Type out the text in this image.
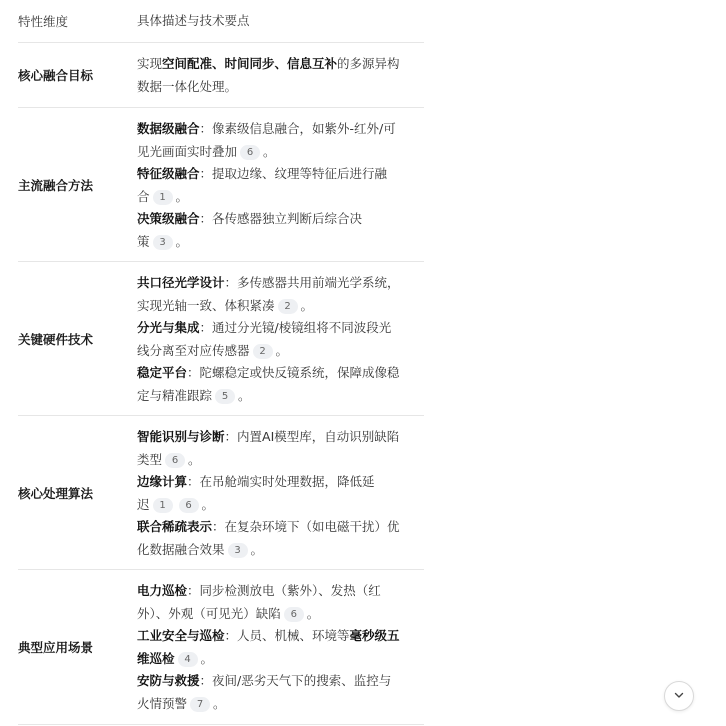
特性维度	具体描述与技术要点
核心融合目标
实现空间配准、时间同步、信息互补的多源异构
数据一体化处理。
主流融合方法
数据级融合：像素级信息融合，如紫外-红外/可
见光画面实时叠加 6 。
特征级融合：提取边缘、纹理等特征后进行融
合 1 。
决策级融合：各传感器独立判断后综合决
策 3 。
关键硬件技术
共口径光学设计：多传感器共用前端光学系统，
实现光轴一致、体积紧凑 2 。
分光与集成：通过分光镜/棱镜组将不同波段光
线分离至对应传感器 2 。
稳定平台：陀螺稳定或快反镜系统，保障成像稳
定与精准跟踪 5 。
核心处理算法
智能识别与诊断：内置AI模型库，自动识别缺陷
类型 6 。
边缘计算：在吊舱端实时处理数据，降低延
迟 1 6 。
联合稀疏表示：在复杂环境下（如电磁干扰）优
化数据融合效果 3 。
典型应用场景
电力巡检：同步检测放电（紫外）、发热（红
外）、外观（可见光）缺陷 6 。
工业安全与巡检：人员、机械、环境等毫秒级五
维巡检 4 。
安防与救援：夜间/恶劣天气下的搜索、监控与
火情预警 7 。
